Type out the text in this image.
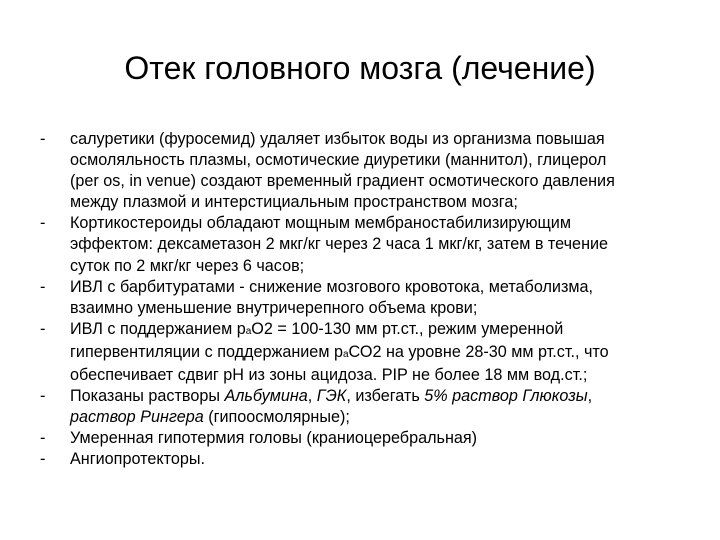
Отек головного мозга (лечение)
- салуретики (фуросемид) удаляет избыток воды из организма повышая
осмоляльность плазмы, осмотические диуретики (маннитол), глицерол
(per os, in venue) создают временный градиент осмотического давления
между плазмой и интерстициальным пространством мозга;
- Кортикостероиды обладают мощным мембраностабилизирующим
эффектом: дексаметазон 2 мкг/кг через 2 часа 1 мкг/кг, затем в течение
суток по 2 мкг/кг через 6 часов;
- ИВЛ с барбитуратами - снижение мозгового кровотока, метаболизма,
взаимно уменьшение внутричерепного объема крови;
- ИВЛ с поддержанием раО2 = 100-130 мм рт.ст., режим умеренной
гипервентиляции с поддержанием раСО2 на уровне 28-30 мм рт.ст., что
обеспечивает сдвиг рН из зоны ацидоза. PIP не более 18 мм вод.ст.;
- Показаны растворы Альбумина, ГЭК, избегать 5% раствор Глюкозы,
раствор Рингера (гипоосмолярные);
- Умеренная гипотермия головы (краниоцеребральная)
- Ангиопротекторы.
